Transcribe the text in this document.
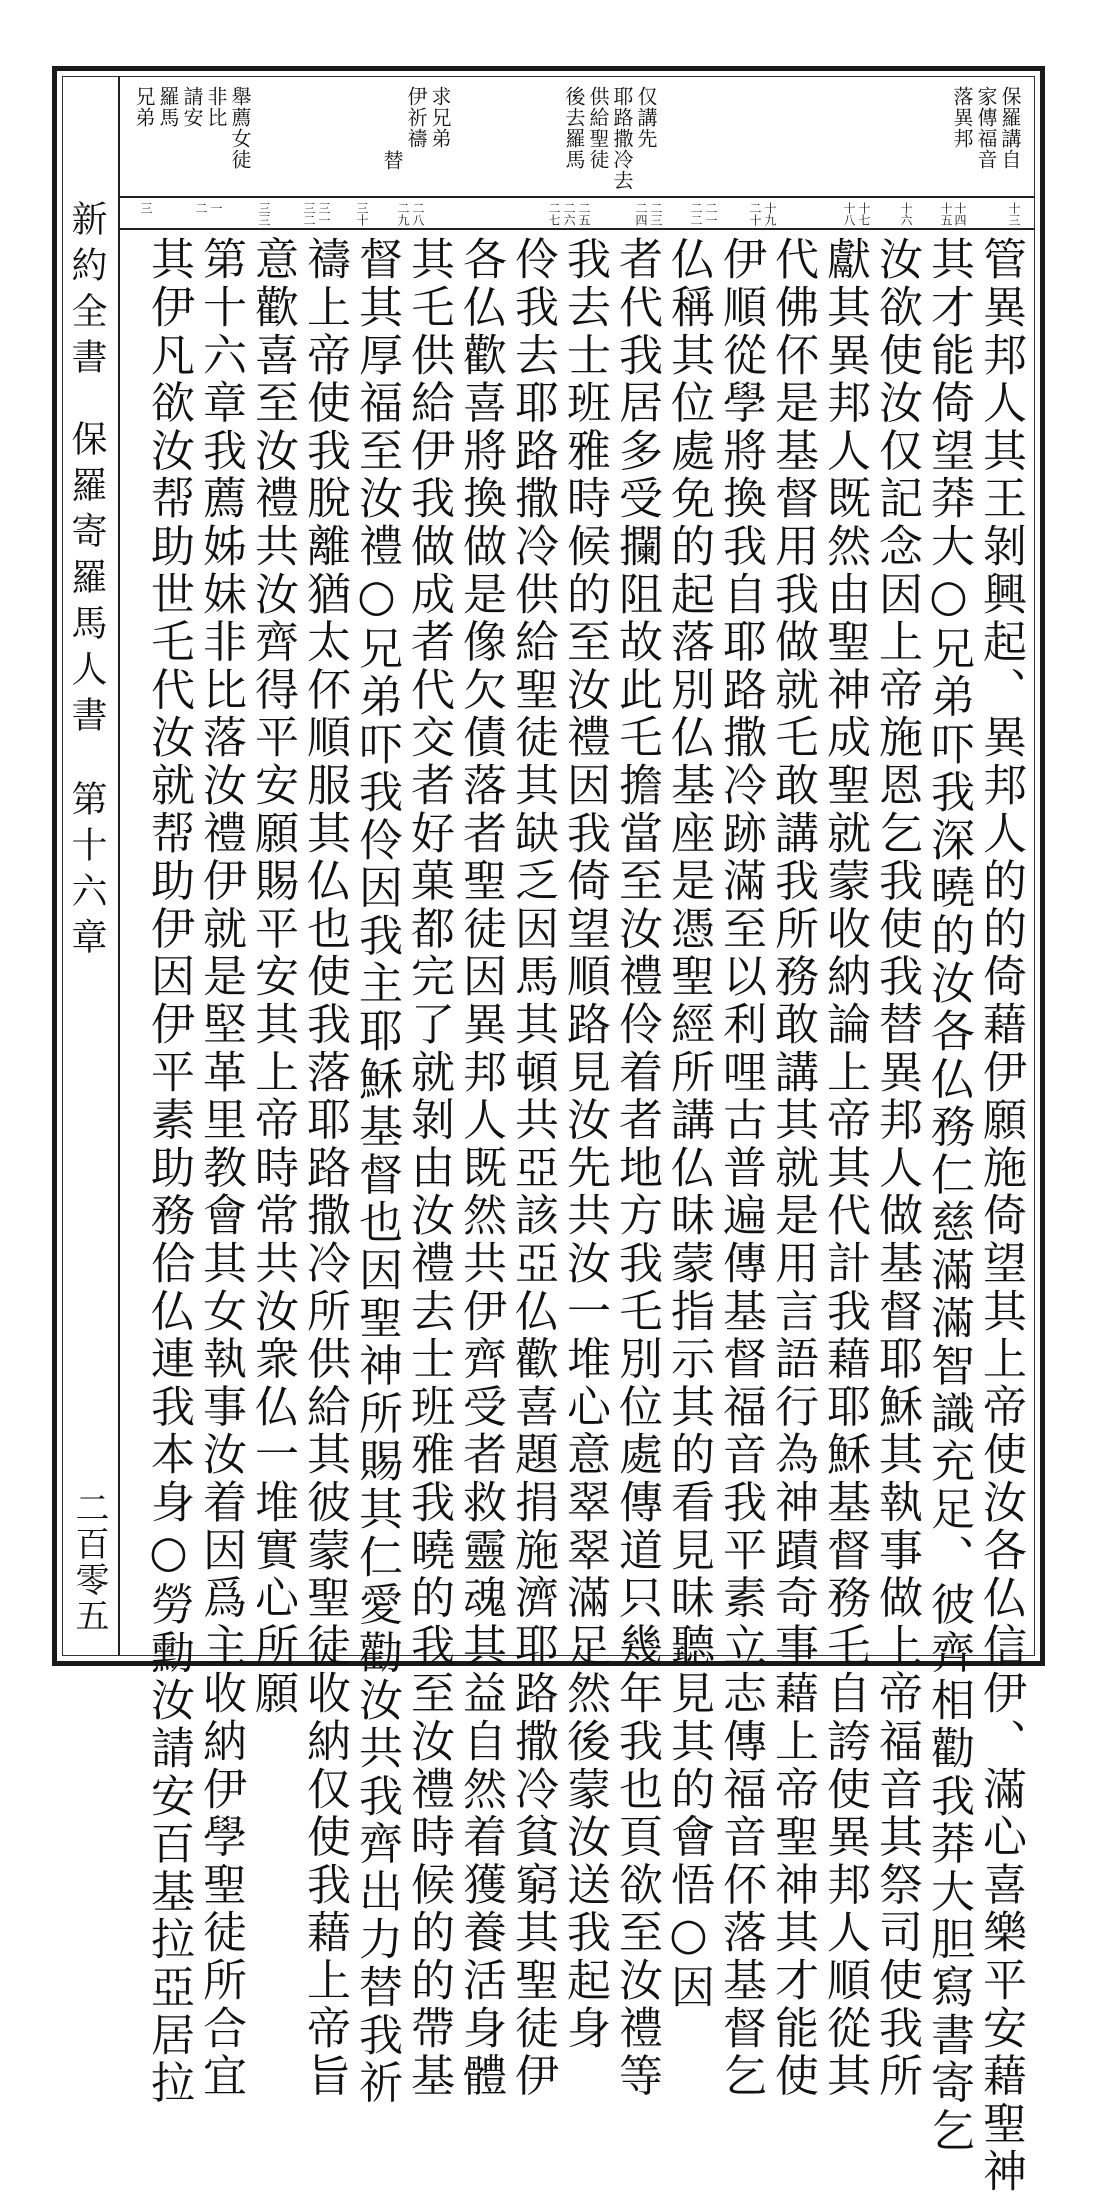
新約全書
保羅寄羅馬人書
第十六章
二百零五
保羅講自
家傳福音
落異邦
仅講先
耶路撒冷去
供給聖徒
後去羅馬
求兄弟
伊祈禱
替
舉薦女徒
非比
請安
羅馬
兄弟
十三
十四
十五
十六
十七
十八
十九
二十
二一
二二
二三
二四
二五
二六
二七
二八
二九
三十
三一
三二
三三
一
二
三
管異邦人其王剝興起、異邦人的的倚藉伊願施倚望其上帝使汝各仏信伊、滿心喜樂平安藉聖神
其才能倚望莽大○兄弟吓我深曉的汝各仏務仁慈滿滿智識充足、彼齊相勸我莽大胆寫書寄乞
汝欲使汝仅記念因上帝施恩乞我使我替異邦人做基督耶穌其執事做上帝福音其祭司使我所
獻其異邦人既然由聖神成聖就蒙收納論上帝其代計我藉耶穌基督務乇自誇使異邦人順從其
代佛伓是基督用我做就乇敢講我所務敢講其就是用言語行為神蹟奇事藉上帝聖神其才能使
伊順從學將換我自耶路撒冷跡滿至以利哩古普遍傳基督福音我平素立志傳福音伓落基督乞
仏稱其位處免的起落別仏基座是憑聖經所講仏昧蒙指示其的看見昧聽見其的會悟○因
者代我居多受攔阻故此乇擔當至汝禮伶着者地方我乇別位處傳道只幾年我也頁欲至汝禮等
我去士班雅時候的至汝禮因我倚望順路見汝先共汝一堆心意翠翠滿足然後蒙汝送我起身
伶我去耶路撒冷供給聖徒其缺乏因馬其頓共亞該亞仏歡喜題捐施濟耶路撒冷貧窮其聖徒伊
各仏歡喜將換做是像欠債落者聖徒因異邦人既然共伊齊受者救靈魂其益自然着獲養活身體
其乇供給伊我做成者代交者好菓都完了就剝由汝禮去士班雅我曉的我至汝禮時候的的帶基
督其厚福至汝禮○兄弟吓我伶因我主耶穌基督也因聖神所賜其仁愛勸汝共我齊出力替我祈
禱上帝使我脫離猶太伓順服其仏也使我落耶路撒冷所供給其彼蒙聖徒收納仅使我藉上帝旨
意歡喜至汝禮共汝齊得平安願賜平安其上帝時常共汝衆仏一堆實心所願
第十六章我薦姊妹非比落汝禮伊就是堅革里教會其女執事汝着因爲主收納伊學聖徒所合宜
其伊凡欲汝帮助世乇代汝就帮助伊因伊平素助務佮仏連我本身○勞勳汝請安百基拉亞居拉
